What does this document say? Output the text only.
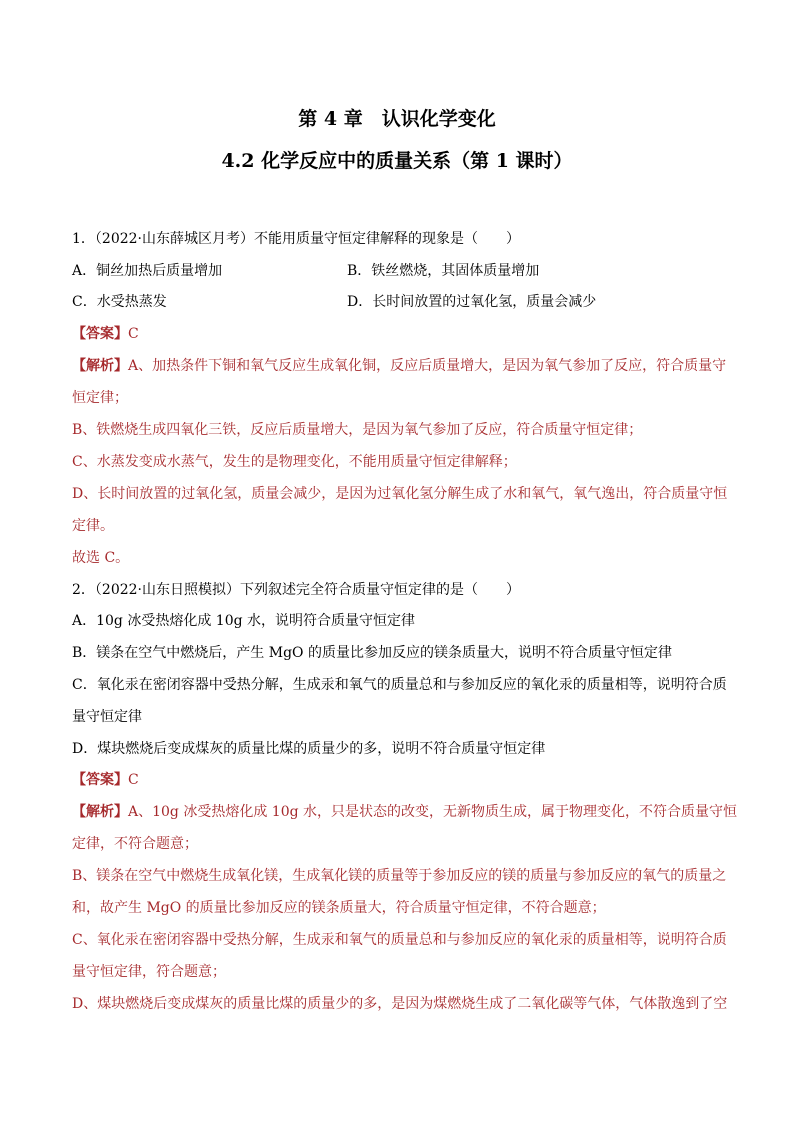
第 4 章　认识化学变化
4.2 化学反应中的质量关系（第 1 课时）
1．（2022·山东薛城区月考）不能用质量守恒定律解释的现象是（　　）
A．铜丝加热后质量增加	B．铁丝燃烧，其固体质量增加
C．水受热蒸发	D．长时间放置的过氧化氢，质量会减少
【答案】C
【解析】A、加热条件下铜和氧气反应生成氧化铜，反应后质量增大，是因为氧气参加了反应，符合质量守
恒定律；
B、铁燃烧生成四氧化三铁，反应后质量增大，是因为氧气参加了反应，符合质量守恒定律；
C、水蒸发变成水蒸气，发生的是物理变化，不能用质量守恒定律解释；
D、长时间放置的过氧化氢，质量会减少，是因为过氧化氢分解生成了水和氧气，氧气逸出，符合质量守恒
定律。
故选 C。
2．（2022·山东日照模拟）下列叙述完全符合质量守恒定律的是（　　）
A．10g 冰受热熔化成 10g 水，说明符合质量守恒定律
B．镁条在空气中燃烧后，产生 MgO 的质量比参加反应的镁条质量大，说明不符合质量守恒定律
C．氧化汞在密闭容器中受热分解，生成汞和氧气的质量总和与参加反应的氧化汞的质量相等，说明符合质
量守恒定律
D．煤块燃烧后变成煤灰的质量比煤的质量少的多，说明不符合质量守恒定律
【答案】C
【解析】A、10g 冰受热熔化成 10g 水，只是状态的改变，无新物质生成，属于物理变化，不符合质量守恒
定律，不符合题意；
B、镁条在空气中燃烧生成氧化镁，生成氧化镁的质量等于参加反应的镁的质量与参加反应的氧气的质量之
和，故产生 MgO 的质量比参加反应的镁条质量大，符合质量守恒定律，不符合题意；
C、氧化汞在密闭容器中受热分解，生成汞和氧气的质量总和与参加反应的氧化汞的质量相等，说明符合质
量守恒定律，符合题意；
D、煤块燃烧后变成煤灰的质量比煤的质量少的多，是因为煤燃烧生成了二氧化碳等气体，气体散逸到了空
